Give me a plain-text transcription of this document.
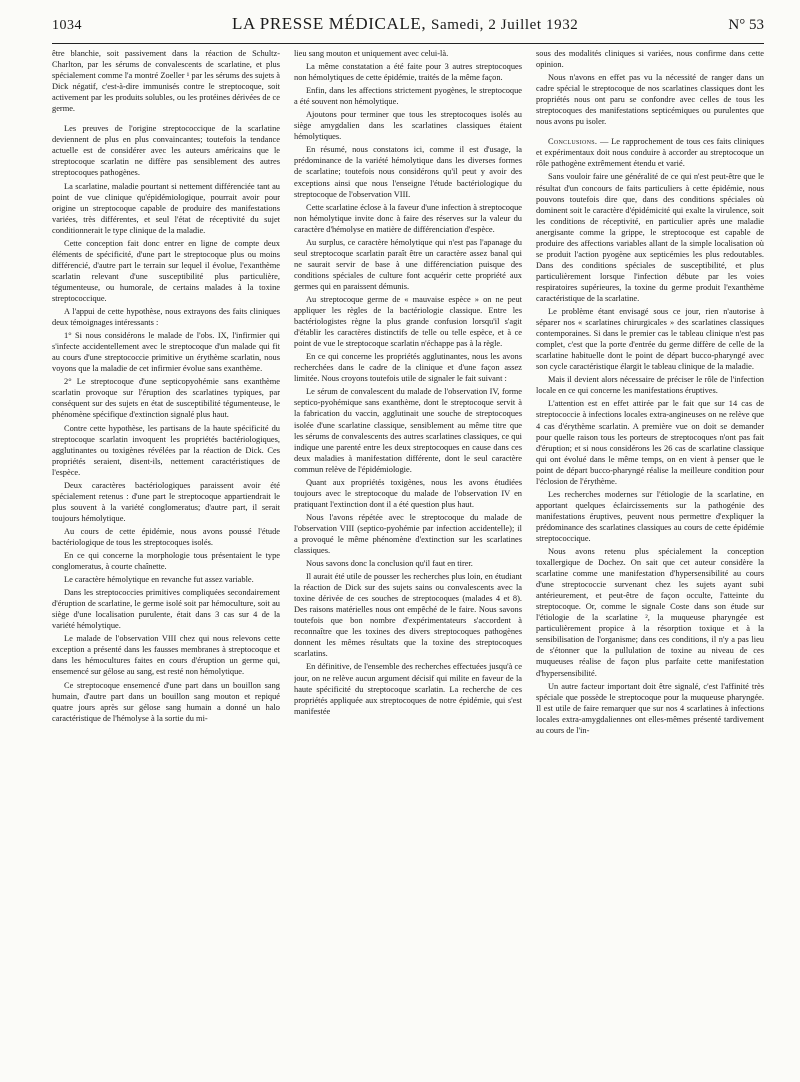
1034	LA PRESSE MÉDICALE, Samedi, 2 Juillet 1932	N° 53

être blanchie, soit passivement dans la réaction de Schultz-Charlton, par les sérums de convalescents de scarlatine, et plus spécialement comme l'a montré Zoeller ¹ par les sérums des sujets à Dick négatif, c'est-à-dire immunisés contre le streptocoque, soit activement par les produits solubles, ou les protéines dérivées de ce germe.

Les preuves de l'origine streptococcique de la scarlatine deviennent de plus en plus convaincantes; toutefois la tendance actuelle est de considérer avec les auteurs américains que le streptocoque scarlatin ne diffère pas sensiblement des autres streptocoques pathogènes.

La scarlatine, maladie pourtant si nettement différenciée tant au point de vue clinique qu'épidémiologique, pourrait avoir pour origine un streptocoque capable de produire des manifestations variées, très différentes, et seul l'état de réceptivité du sujet conditionnerait le type clinique de la maladie.

Cette conception fait donc entrer en ligne de compte deux éléments de spécificité, d'une part le streptocoque plus ou moins différencié, d'autre part le terrain sur lequel il évolue, l'exanthème scarlatin relevant d'une susceptibilité plus particulière, tégumenteuse, ou humorale, de certains malades à la toxine streptococcique.

A l'appui de cette hypothèse, nous extrayons des faits cliniques deux témoignages intéressants :

1° Si nous considérons le malade de l'obs. IX, l'infirmier qui s'infecte accidentellement avec le streptocoque d'un malade qui fit au cours d'une streptococcie primitive un érythème scarlatin, nous voyons que la maladie de cet infirmier évolue sans exanthème.

2° Le streptocoque d'une septicopyohémie sans exanthème scarlatin provoque sur l'éruption des scarlatines typiques, par conséquent sur des sujets en état de susceptibilité tégumenteuse, le phénomène spécifique d'extinction signalé plus haut.

Contre cette hypothèse, les partisans de la haute spécificité du streptocoque scarlatin invoquent les propriétés bactériologiques, agglutinantes ou toxigènes révélées par la réaction de Dick. Ces propriétés seraient, disent-ils, nettement caractéristiques de l'espèce.

Deux caractères bactériologiques paraissent avoir été spécialement retenus : d'une part le streptocoque appartiendrait le plus souvent à la variété conglomeratus; d'autre part, il serait toujours hémolytique.

Au cours de cette épidémie, nous avons poussé l'étude bactériologique de tous les streptocoques isolés.

En ce qui concerne la morphologie tous présentaient le type conglomeratus, à courte chaînette.

Le caractère hémolytique en revanche fut assez variable.

Dans les streptococcies primitives compliquées secondairement d'éruption de scarlatine, le germe isolé soit par hémoculture, soit au siège d'une localisation purulente, était dans 3 cas sur 4 de la variété hémolytique.

Le malade de l'observation VIII chez qui nous relevons cette exception a présenté dans les fausses membranes à streptocoque et dans les hémocultures faites en cours d'éruption un germe qui, ensemencé sur gélose au sang, est resté non hémolytique.

Ce streptocoque ensemencé d'une part dans un bouillon sang humain, d'autre part dans un bouillon sang mouton et repiqué quatre jours après sur gélose sang humain a donné un halo caractéristique de l'hémolyse à la sortie du mi-

lieu sang mouton et uniquement avec celui-là.

La même constatation a été faite pour 3 autres streptocoques non hémolytiques de cette épidémie, traités de la même façon.

Enfin, dans les affections strictement pyogènes, le streptocoque a été souvent non hémolytique.

Ajoutons pour terminer que tous les streptocoques isolés au siège amygdalien dans les scarlatines classiques étaient hémolytiques.

En résumé, nous constatons ici, comme il est d'usage, la prédominance de la variété hémolytique dans les diverses formes de scarlatine; toutefois nous considérons qu'il peut y avoir des exceptions ainsi que nous l'enseigne l'étude bactériologique du streptocoque de l'observation VIII.

Cette scarlatine éclose à la faveur d'une infection à streptocoque non hémolytique invite donc à faire des réserves sur la valeur du caractère d'hémolyse en matière de différenciation d'espèce.

Au surplus, ce caractère hémolytique qui n'est pas l'apanage du seul streptocoque scarlatin paraît être un caractère assez banal qui ne saurait servir de base à une différenciation puisque des conditions spéciales de culture font acquérir cette propriété aux germes qui en paraissent démunis.

Au streptocoque germe de « mauvaise espèce » on ne peut appliquer les règles de la bactériologie classique. Entre les bactériologistes règne la plus grande confusion lorsqu'il s'agit d'établir les caractères distinctifs de telle ou telle espèce, et à ce point de vue le streptocoque scarlatin n'échappe pas à la règle.

En ce qui concerne les propriétés agglutinantes, nous les avons recherchées dans le cadre de la clinique et d'une façon assez limitée. Nous croyons toutefois utile de signaler le fait suivant :

Le sérum de convalescent du malade de l'observation IV, forme septico-pyohémique sans exanthème, dont le streptocoque servit à la fabrication du vaccin, agglutinait une souche de streptocoques isolée d'une scarlatine classique, sensiblement au même titre que les sérums de convalescents des autres scarlatines classiques, ce qui indique une parenté entre les deux streptocoques en cause dans ces deux maladies à manifestation différente, dont le seul caractère commun relève de l'épidémiologie.

Quant aux propriétés toxigènes, nous les avons étudiées toujours avec le streptocoque du malade de l'observation IV en pratiquant l'extinction dont il a été question plus haut.

Nous l'avons répétée avec le streptocoque du malade de l'observation VIII (septico-pyohémie par infection accidentelle); il a provoqué le même phénomène d'extinction sur les scarlatines classiques.

Nous savons donc la conclusion qu'il faut en tirer.

Il aurait été utile de pousser les recherches plus loin, en étudiant la réaction de Dick sur des sujets sains ou convalescents avec la toxine dérivée de ces souches de streptocoques (malades 4 et 8). Des raisons matérielles nous ont empêché de le faire. Nous savons toutefois que bon nombre d'expérimentateurs s'accordent à reconnaître que les toxines des divers streptocoques pathogènes donnent les mêmes résultats que la toxine des streptocoques scarlatins.

En définitive, de l'ensemble des recherches effectuées jusqu'à ce jour, on ne relève aucun argument décisif qui milite en faveur de la haute spécificité du streptocoque scarlatin. La recherche de ces propriétés appliquée aux streptocoques de notre épidémie, qui s'est manifestée

sous des modalités cliniques si variées, nous confirme dans cette opinion.

Nous n'avons en effet pas vu la nécessité de ranger dans un cadre spécial le streptocoque de nos scarlatines classiques dont les propriétés nous ont paru se confondre avec celles de tous les streptocoques des manifestations septicémiques ou purulentes que nous avons pu isoler.

Conclusions. — Le rapprochement de tous ces faits cliniques et expérimentaux doit nous conduire à accorder au streptocoque un rôle pathogène extrêmement étendu et varié.

Sans vouloir faire une généralité de ce qui n'est peut-être que le résultat d'un concours de faits particuliers à cette épidémie, nous pouvons toutefois dire que, dans des conditions spéciales où dominent soit le caractère d'épidémicité qui exalte la virulence, soit les conditions de réceptivité, en particulier après une maladie anergisante comme la grippe, le streptocoque est capable de produire des affections variables allant de la simple localisation où se produit l'action pyogène aux septicémies les plus redoutables. Dans des conditions spéciales de susceptibilité, et plus particulièrement lorsque l'infection débute par les voies respiratoires supérieures, la toxine du germe produit l'exanthème caractéristique de la scarlatine.

Le problème étant envisagé sous ce jour, rien n'autorise à séparer nos « scarlatines chirurgicales » des scarlatines classiques contemporaines. Si dans le premier cas le tableau clinique n'est pas complet, c'est que la porte d'entrée du germe diffère de celle de la scarlatine habituelle dont le point de départ bucco-pharyngé avec son cycle caractéristique élargit le tableau clinique de la maladie.

Mais il devient alors nécessaire de préciser le rôle de l'infection locale en ce qui concerne les manifestations éruptives.

L'attention est en effet attirée par le fait que sur 14 cas de streptococcie à infections locales extra-angineuses on ne relève que 4 cas d'érythème scarlatin. A première vue on doit se demander pour quelle raison tous les porteurs de streptocoques n'ont pas fait d'éruption; et si nous considérons les 26 cas de scarlatine classique qui ont évolué dans le même temps, on en vient à penser que le point de départ bucco-pharyngé réalise la meilleure condition pour l'éclosion de l'érythème.

Les recherches modernes sur l'étiologie de la scarlatine, en apportant quelques éclaircissements sur la pathogénie des manifestations éruptives, peuvent nous permettre d'expliquer la prédominance des scarlatines classiques au cours de cette épidémie streptococcique.

Nous avons retenu plus spécialement la conception toxallergique de Dochez. On sait que cet auteur considère la scarlatine comme une manifestation d'hypersensibilité au cours d'une streptococcie survenant chez les sujets ayant subi antérieurement, et peut-être de façon occulte, l'atteinte du streptocoque. Or, comme le signale Coste dans son étude sur l'étiologie de la scarlatine ², la muqueuse pharyngée est particulièrement propice à la résorption toxique et à la sensibilisation de l'organisme; dans ces conditions, il n'y a pas lieu de s'étonner que la pullulation de toxine au niveau de ces muqueuses réalise de façon plus parfaite cette manifestation d'hypersensibilité.

Un autre facteur important doit être signalé, c'est l'affinité très spéciale que possède le streptocoque pour la muqueuse pharyngée. Il est utile de faire remarquer que sur nos 4 scarlatines à infections locales extra-amygdaliennes ont elles-mêmes présenté tardivement au cours de l'in-
